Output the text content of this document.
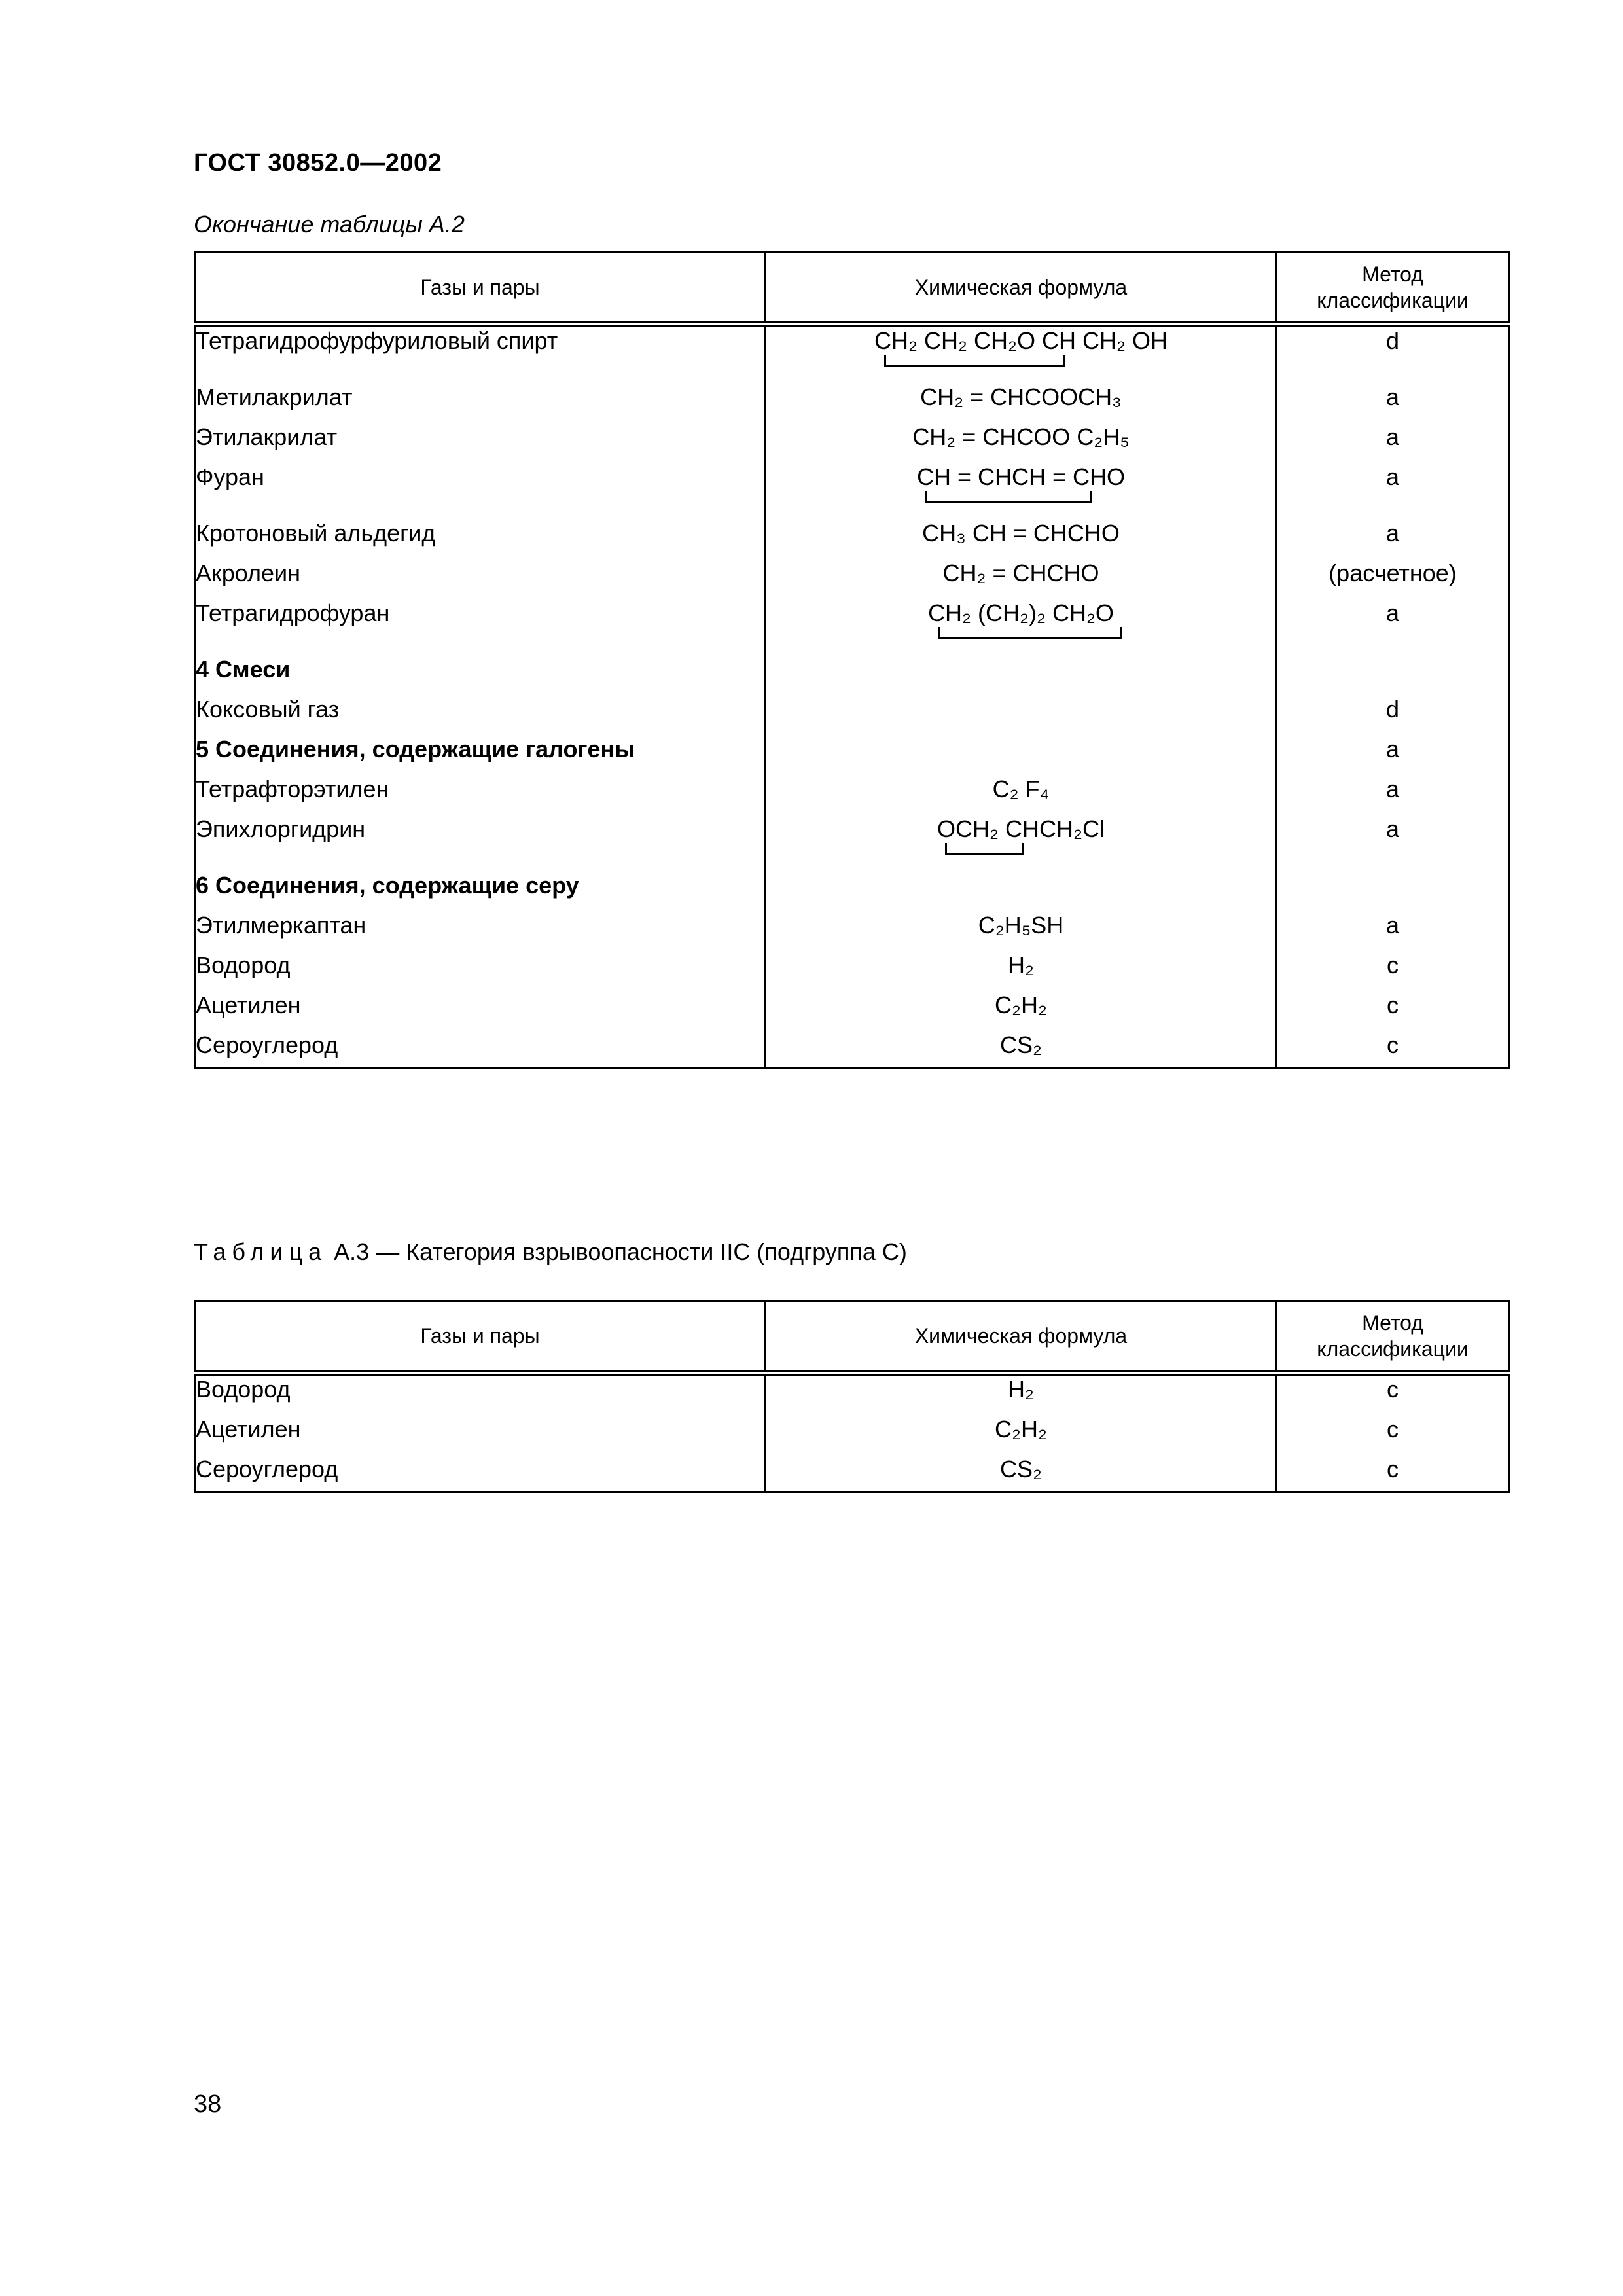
ГОСТ 30852.0—2002
Окончание таблицы А.2
Газы и пары	Химическая формула	Метод классификации
Тетрагидрофурфуриловый спирт	CH₂ CH₂ CH₂O CH CH₂ OH	d
Метилакрилат	CH₂ = CHCOOCH₃	a
Этилакрилат	CH₂ = CHCOO C₂H₅	a
Фуран	CH = CHCH = CHO	a
Кротоновый альдегид	CH₃ CH = CHCHO	a
Акролеин	CH₂ = CHCHO	(расчетное)
Тетрагидрофуран	CH₂ (CH₂)₂ CH₂O	a
4 Смеси		
Коксовый газ		d
5 Соединения, содержащие галогены		a
Тетрафторэтилен	C₂ F₄	a
Эпихлоргидрин	OCH₂ CHCH₂Cl	a
6 Соединения, содержащие серу		
Этилмеркаптан	C₂H₅SH	a
Водород	H₂	c
Ацетилен	C₂H₂	c
Сероуглерод	CS₂	c
Таблица А.3 — Категория взрывоопасности IIC (подгруппа С)
Газы и пары	Химическая формула	Метод классификации
Водород	H₂	c
Ацетилен	C₂H₂	c
Сероуглерод	CS₂	c
38
